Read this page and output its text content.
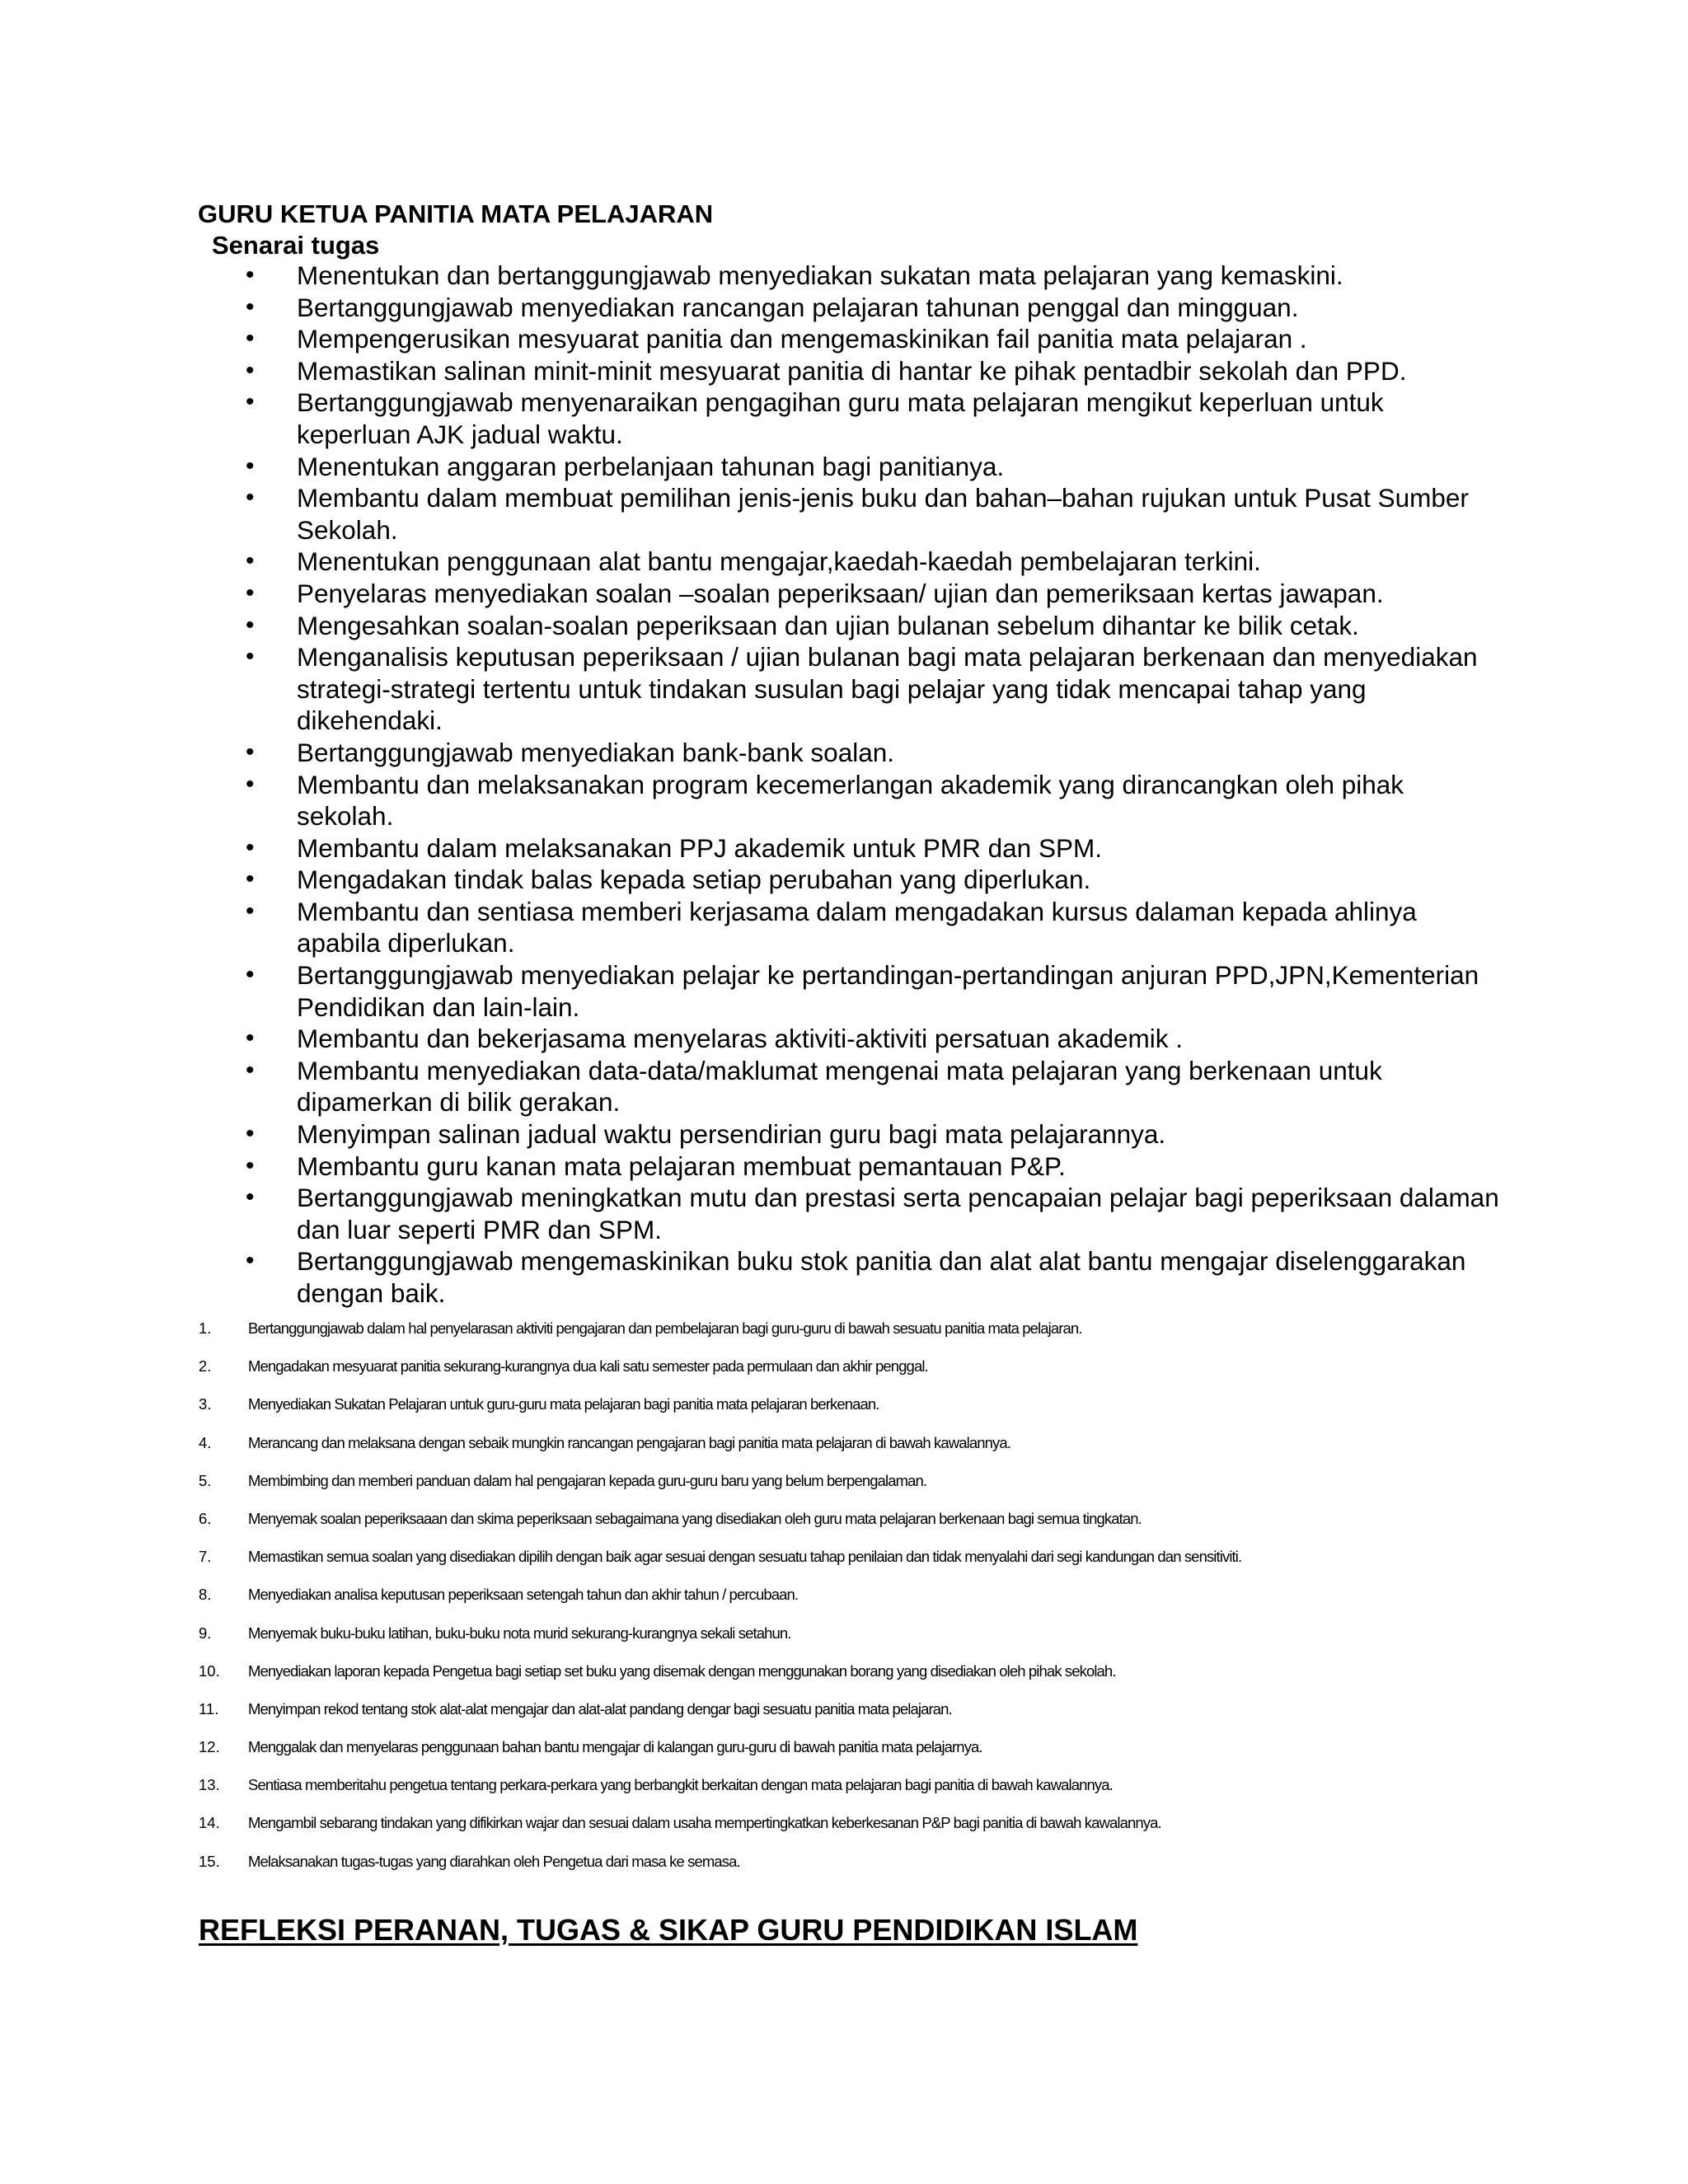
GURU KETUA PANITIA MATA PELAJARAN
Senarai tugas
• Menentukan dan bertanggungjawab menyediakan sukatan mata pelajaran yang kemaskini.
• Bertanggungjawab menyediakan rancangan pelajaran tahunan penggal dan mingguan.
• Mempengerusikan mesyuarat panitia dan mengemaskinikan fail panitia mata pelajaran .
• Memastikan salinan minit-minit mesyuarat panitia di hantar ke pihak pentadbir sekolah dan PPD.
• Bertanggungjawab menyenaraikan pengagihan guru mata pelajaran mengikut keperluan untuk keperluan AJK jadual waktu.
• Menentukan anggaran perbelanjaan tahunan bagi panitianya.
• Membantu dalam membuat pemilihan jenis-jenis buku dan bahan–bahan rujukan untuk Pusat Sumber Sekolah.
• Menentukan penggunaan alat bantu mengajar,kaedah-kaedah pembelajaran terkini.
• Penyelaras menyediakan soalan –soalan peperiksaan/ ujian dan pemeriksaan kertas jawapan.
• Mengesahkan soalan-soalan peperiksaan dan ujian bulanan sebelum dihantar ke bilik cetak.
• Menganalisis keputusan peperiksaan / ujian bulanan bagi mata pelajaran berkenaan dan menyediakan strategi-strategi tertentu untuk tindakan susulan bagi pelajar yang tidak mencapai tahap yang dikehendaki.
• Bertanggungjawab menyediakan bank-bank soalan.
• Membantu dan melaksanakan program kecemerlangan akademik yang dirancangkan oleh pihak sekolah.
• Membantu dalam melaksanakan PPJ akademik untuk PMR dan SPM.
• Mengadakan tindak balas kepada setiap perubahan yang diperlukan.
• Membantu dan sentiasa memberi kerjasama dalam mengadakan kursus dalaman kepada ahlinya apabila diperlukan.
• Bertanggungjawab menyediakan pelajar ke pertandingan-pertandingan anjuran PPD,JPN,Kementerian Pendidikan dan lain-lain.
• Membantu dan bekerjasama menyelaras aktiviti-aktiviti persatuan akademik .
• Membantu menyediakan data-data/maklumat mengenai mata pelajaran yang berkenaan untuk dipamerkan di bilik gerakan.
• Menyimpan salinan jadual waktu persendirian guru bagi mata pelajarannya.
• Membantu guru kanan mata pelajaran membuat pemantauan P&P.
• Bertanggungjawab meningkatkan mutu dan prestasi serta pencapaian pelajar bagi peperiksaan dalaman dan luar seperti PMR dan SPM.
• Bertanggungjawab mengemaskinikan buku stok panitia dan alat alat bantu mengajar diselenggarakan dengan baik.
1. Bertanggungjawab dalam hal penyelarasan aktiviti pengajaran dan pembelajaran bagi guru-guru di bawah sesuatu panitia mata pelajaran.
2. Mengadakan mesyuarat panitia sekurang-kurangnya dua kali satu semester pada permulaan dan akhir penggal.
3. Menyediakan Sukatan Pelajaran untuk guru-guru mata pelajaran bagi panitia mata pelajaran berkenaan.
4. Merancang dan melaksana dengan sebaik mungkin rancangan pengajaran bagi panitia mata pelajaran di bawah kawalannya.
5. Membimbing dan memberi panduan dalam hal pengajaran kepada guru-guru baru yang belum berpengalaman.
6. Menyemak soalan peperiksaaan dan skima peperiksaan sebagaimana yang disediakan oleh guru mata pelajaran berkenaan bagi semua tingkatan.
7. Memastikan semua soalan yang disediakan dipilih dengan baik agar sesuai dengan sesuatu tahap penilaian dan tidak menyalahi dari segi kandungan dan sensitiviti.
8. Menyediakan analisa keputusan peperiksaan setengah tahun dan akhir tahun / percubaan.
9. Menyemak buku-buku latihan, buku-buku nota murid sekurang-kurangnya sekali setahun.
10. Menyediakan laporan kepada Pengetua bagi setiap set buku yang disemak dengan menggunakan borang yang disediakan oleh pihak sekolah.
11. Menyimpan rekod tentang stok alat-alat mengajar dan alat-alat pandang dengar bagi sesuatu panitia mata pelajaran.
12. Menggalak dan menyelaras penggunaan bahan bantu mengajar di kalangan guru-guru di bawah panitia mata pelajarnya.
13. Sentiasa memberitahu pengetua tentang perkara-perkara yang berbangkit berkaitan dengan mata pelajaran bagi panitia di bawah kawalannya.
14. Mengambil sebarang tindakan yang difikirkan wajar dan sesuai dalam usaha mempertingkatkan keberkesanan P&P bagi panitia di bawah kawalannya.
15. Melaksanakan tugas-tugas yang diarahkan oleh Pengetua dari masa ke semasa.
REFLEKSI PERANAN, TUGAS & SIKAP GURU PENDIDIKAN ISLAM
